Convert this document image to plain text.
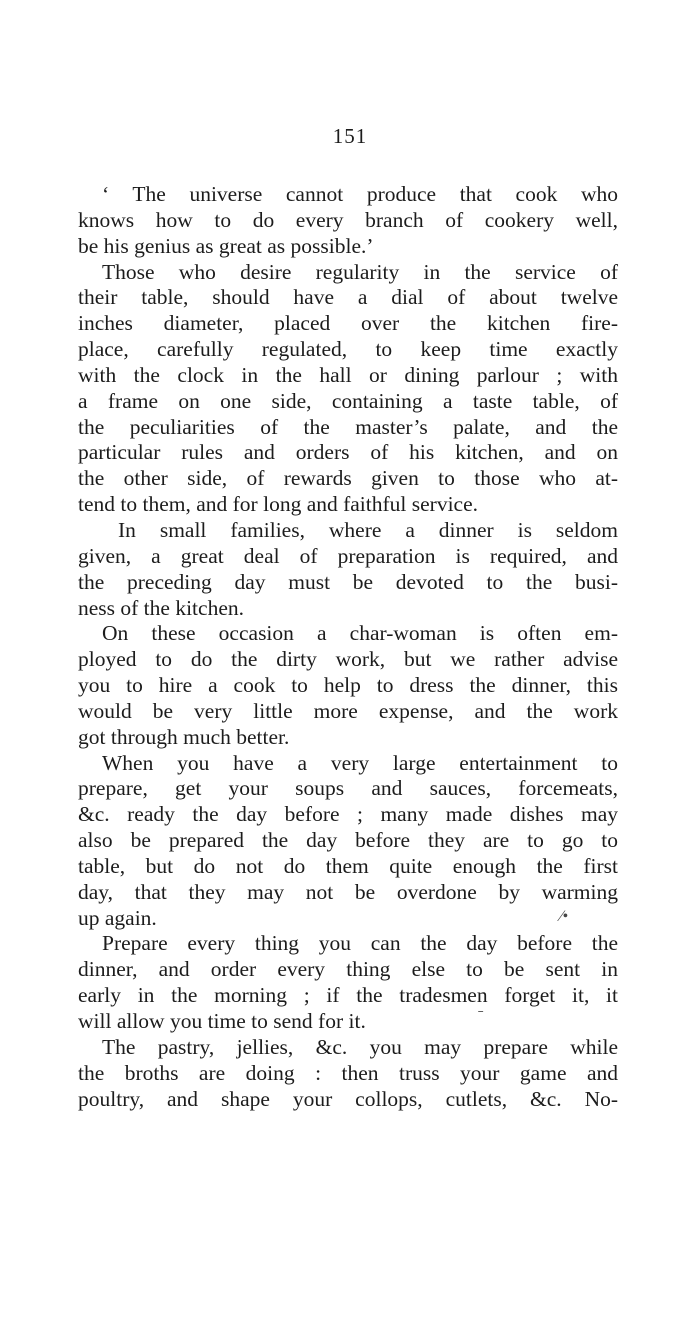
151
‘ The universe cannot produce that cook who
knows how to do every branch of cookery well,
be his genius as great as possible.’
Those who desire regularity in the service of
their table, should have a dial of about twelve
inches diameter, placed over the kitchen fire-
place, carefully regulated, to keep time exactly
with the clock in the hall or dining parlour ; with
a frame on one side, containing a taste table, of
the peculiarities of the master’s palate, and the
particular rules and orders of his kitchen, and on
the other side, of rewards given to those who at-
tend to them, and for long and faithful service.
In small families, where a dinner is seldom
given, a great deal of preparation is required, and
the preceding day must be devoted to the busi-
ness of the kitchen.
On these occasion a char-woman is often em-
ployed to do the dirty work, but we rather advise
you to hire a cook to help to dress the dinner, this
would be very little more expense, and the work
got through much better.
When you have a very large entertainment to
prepare, get your soups and sauces, forcemeats,
&c. ready the day before ; many made dishes may
also be prepared the day before they are to go to
table, but do not do them quite enough the first
day, that they may not be overdone by warming
up again.
Prepare every thing you can the day before the
dinner, and order every thing else to be sent in
early in the morning ; if the tradesmen forget it, it
will allow you time to send for it.
The pastry, jellies, &c. you may prepare while
the broths are doing : then truss your game and
poultry, and shape your collops, cutlets, &c. No-
⁄•
ˉ
